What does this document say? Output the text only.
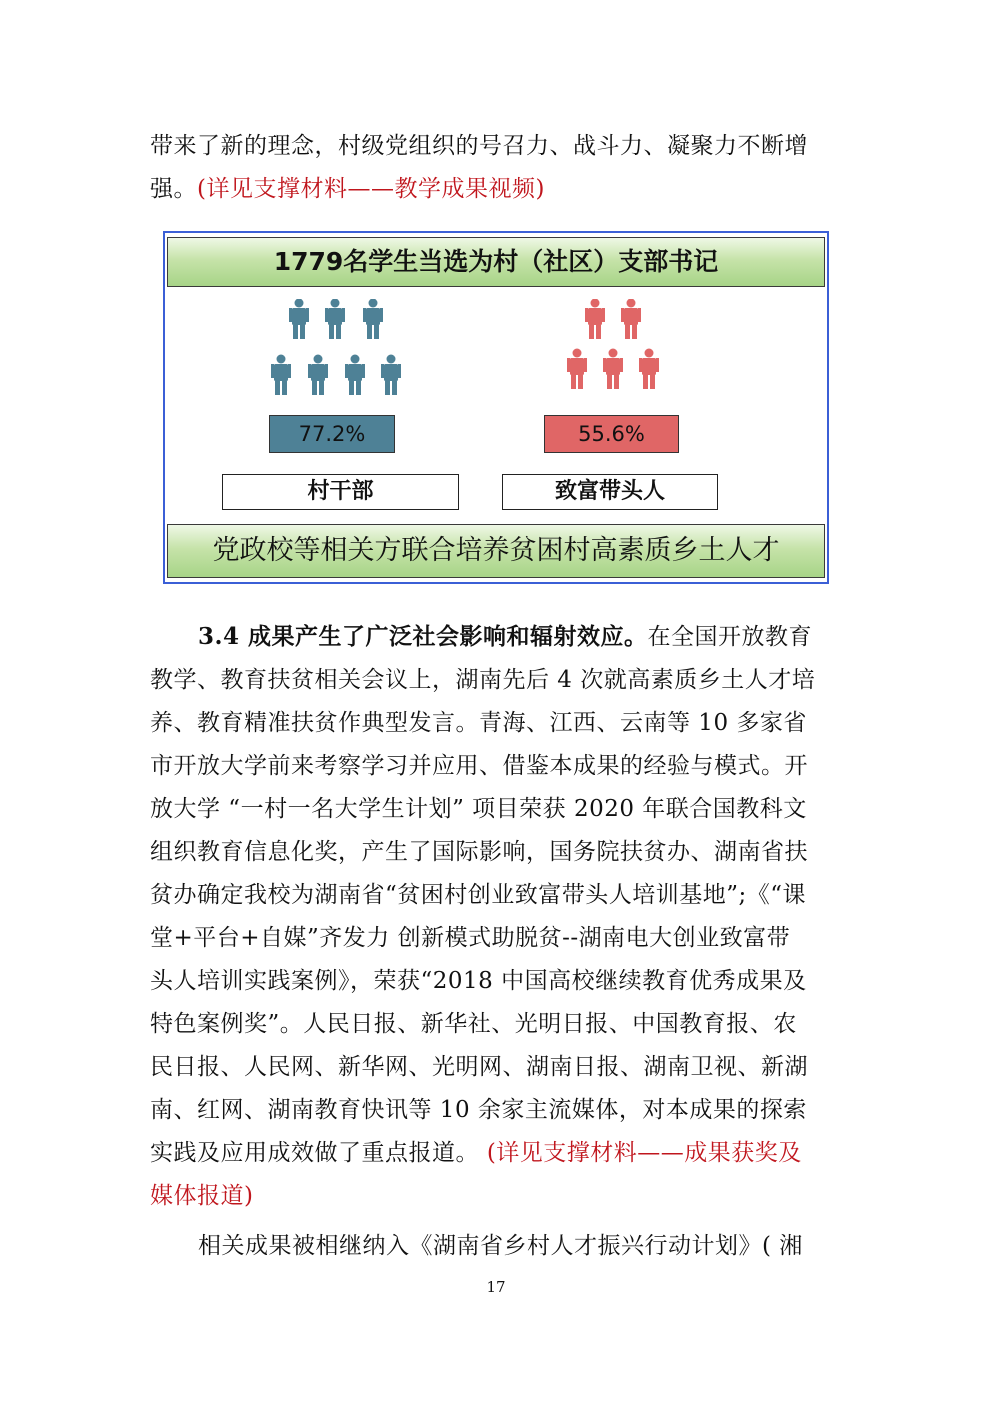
带来了新的理念，村级党组织的号召力、战斗力、凝聚力不断增
强。(详见支撑材料——教学成果视频)
1779名学生当选为村（社区）支部书记
77.2%
村干部
55.6%
致富带头人
党政校等相关方联合培养贫困村高素质乡土人才
3.4 成果产生了广泛社会影响和辐射效应。在全国开放教育
教学、教育扶贫相关会议上，湖南先后 4 次就高素质乡土人才培
养、教育精准扶贫作典型发言。青海、江西、云南等 10 多家省
市开放大学前来考察学习并应用、借鉴本成果的经验与模式。开
放大学 “一村一名大学生计划” 项目荣获 2020 年联合国教科文
组织教育信息化奖，产生了国际影响，国务院扶贫办、湖南省扶
贫办确定我校为湖南省“贫困村创业致富带头人培训基地”;《“课
堂+平台+自媒”齐发力 创新模式助脱贫--湖南电大创业致富带
头人培训实践案例》，荣获“2018 中国高校继续教育优秀成果及
特色案例奖”。人民日报、新华社、光明日报、中国教育报、农
民日报、人民网、新华网、光明网、湖南日报、湖南卫视、新湖
南、红网、湖南教育快讯等 10 余家主流媒体，对本成果的探索
实践及应用成效做了重点报道。 (详见支撑材料——成果获奖及
媒体报道)
相关成果被相继纳入《湖南省乡村人才振兴行动计划》( 湘
17
